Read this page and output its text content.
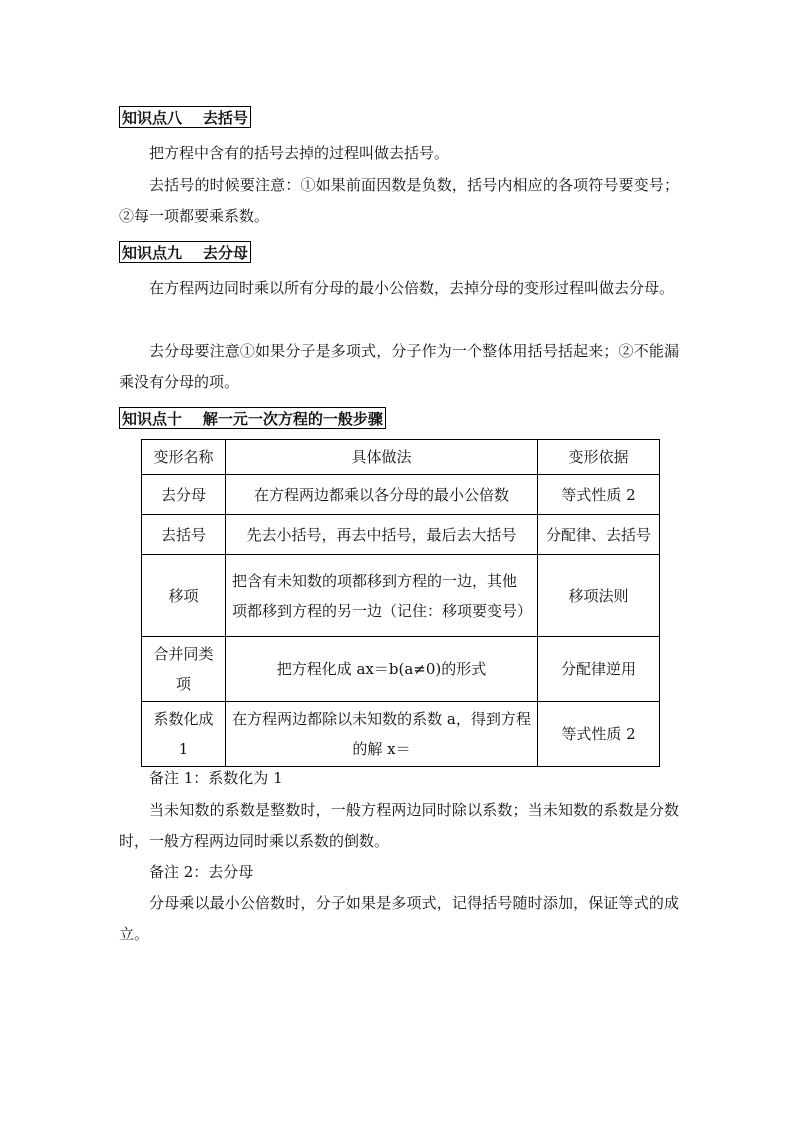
知识点八    去括号

把方程中含有的括号去掉的过程叫做去括号。

去括号的时候要注意：①如果前面因数是负数，括号内相应的各项符号要变号；②每一项都要乘系数。

知识点九    去分母

在方程两边同时乘以所有分母的最小公倍数，去掉分母的变形过程叫做去分母。

去分母要注意①如果分子是多项式，分子作为一个整体用括号括起来；②不能漏乘没有分母的项。

知识点十    解一元一次方程的一般步骤
变形名称	具体做法	变形依据
去分母	在方程两边都乘以各分母的最小公倍数	等式性质 2
去括号	先去小括号，再去中括号，最后去大括号	分配律、去括号
移项	把含有未知数的项都移到方程的一边，其他项都移到方程的另一边（记住：移项要变号）	移项法则
合并同类项	把方程化成 ax＝b(a≠0)的形式	分配律逆用
系数化成 1	在方程两边都除以未知数的系数 a，得到方程的解 x＝	等式性质 2

备注 1：系数化为 1

当未知数的系数是整数时，一般方程两边同时除以系数；当未知数的系数是分数时，一般方程两边同时乘以系数的倒数。

备注 2：去分母

分母乘以最小公倍数时，分子如果是多项式，记得括号随时添加，保证等式的成立。
